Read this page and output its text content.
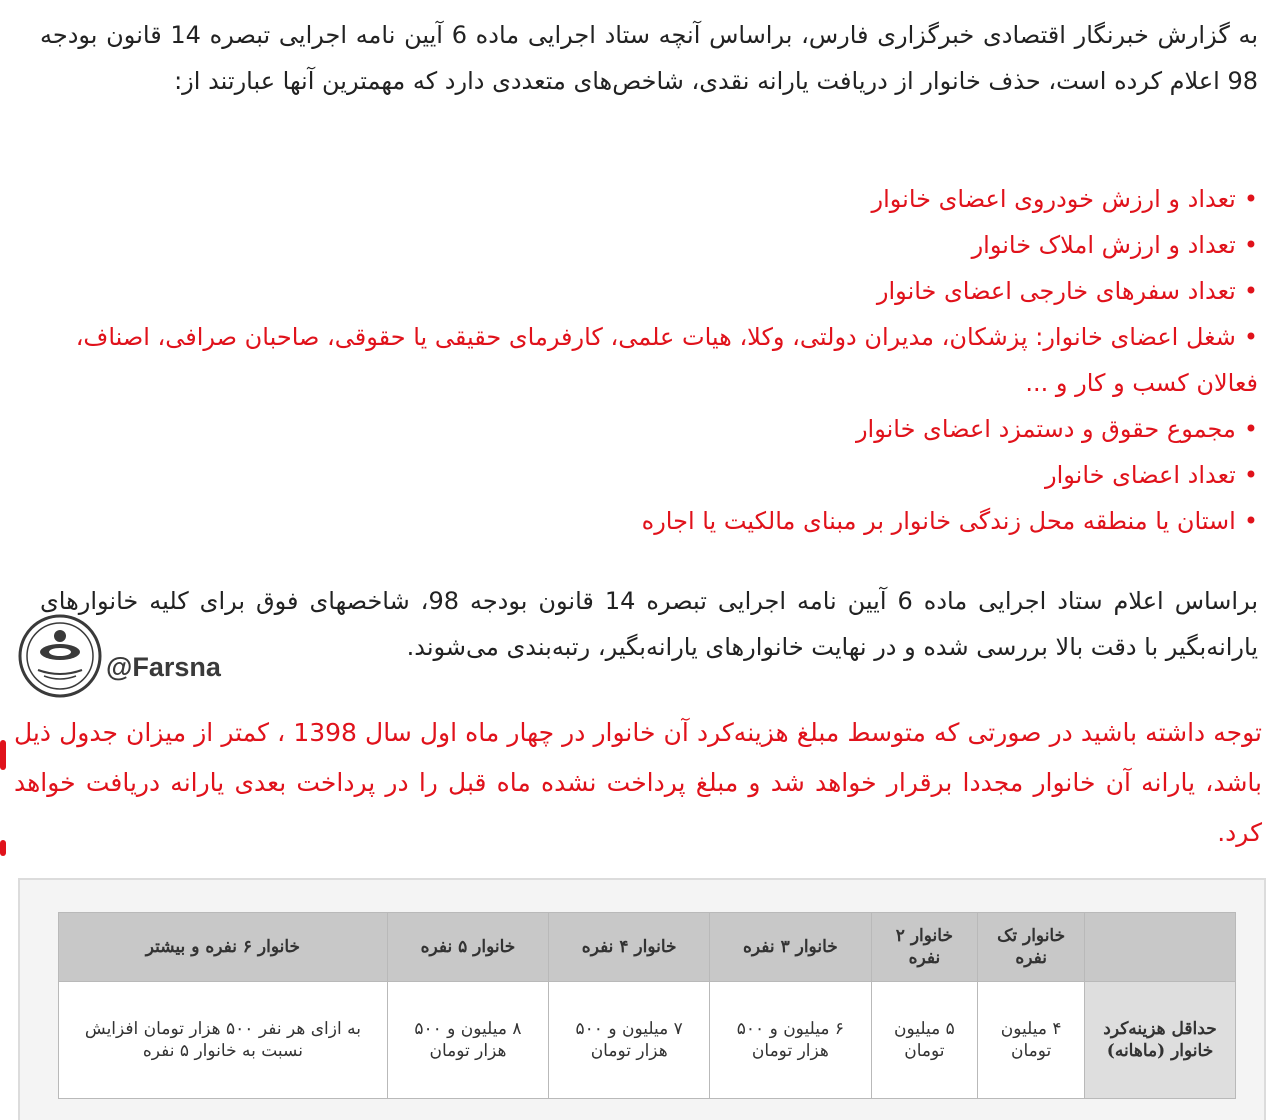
به گزارش خبرنگار اقتصادی خبرگزاری فارس، براساس آنچه ستاد اجرایی ماده 6 آیین نامه اجرایی تبصره 14 قانون بودجه 98 اعلام کرده است، حذف خانوار از دریافت یارانه نقدی، شاخص‌های متعددی دارد که مهمترین آنها عبارتند از:

•تعداد و ارزش خودروی اعضای خانوار
•تعداد و ارزش املاک خانوار
•تعداد سفرهای خارجی اعضای خانوار
•شغل اعضای خانوار: پزشکان، مدیران دولتی، وکلا، هیات علمی، کارفرمای حقیقی یا حقوقی، صاحبان صرافی، اصناف، فعالان کسب و کار و ...
•مجموع حقوق و دستمزد اعضای خانوار
•تعداد اعضای خانوار
•استان یا منطقه محل زندگی خانوار بر مبنای مالکیت یا اجاره

براساس اعلام ستاد اجرایی ماده 6 آیین نامه اجرایی تبصره 14 قانون بودجه 98، شاخصهای فوق برای کلیه خانوارهای یارانه‌بگیر با دقت بالا بررسی شده و در نهایت خانوارهای یارانه‌بگیر، رتبه‌بندی می‌شوند.

@Farsna

توجه داشته باشید در صورتی که متوسط مبلغ هزینه‌کرد آن خانوار در چهار ماه اول سال 1398 ، کمتر از میزان جدول ذیل باشد، یارانه آن خانوار مجددا برقرار خواهد شد و مبلغ پرداخت نشده ماه قبل را در پرداخت بعدی یارانه دریافت خواهد کرد.

	خانوار تک نفره	خانوار ۲ نفره	خانوار ۳ نفره	خانوار ۴ نفره	خانوار ۵ نفره	خانوار ۶ نفره و بیشتر
حداقل هزینه‌کرد خانوار (ماهانه)	۴ میلیون تومان	۵ میلیون تومان	۶ میلیون و ۵۰۰ هزار تومان	۷ میلیون و ۵۰۰ هزار تومان	۸ میلیون و ۵۰۰ هزار تومان	به ازای هر نفر ۵۰۰ هزار تومان افزایش نسبت به خانوار ۵ نفره
